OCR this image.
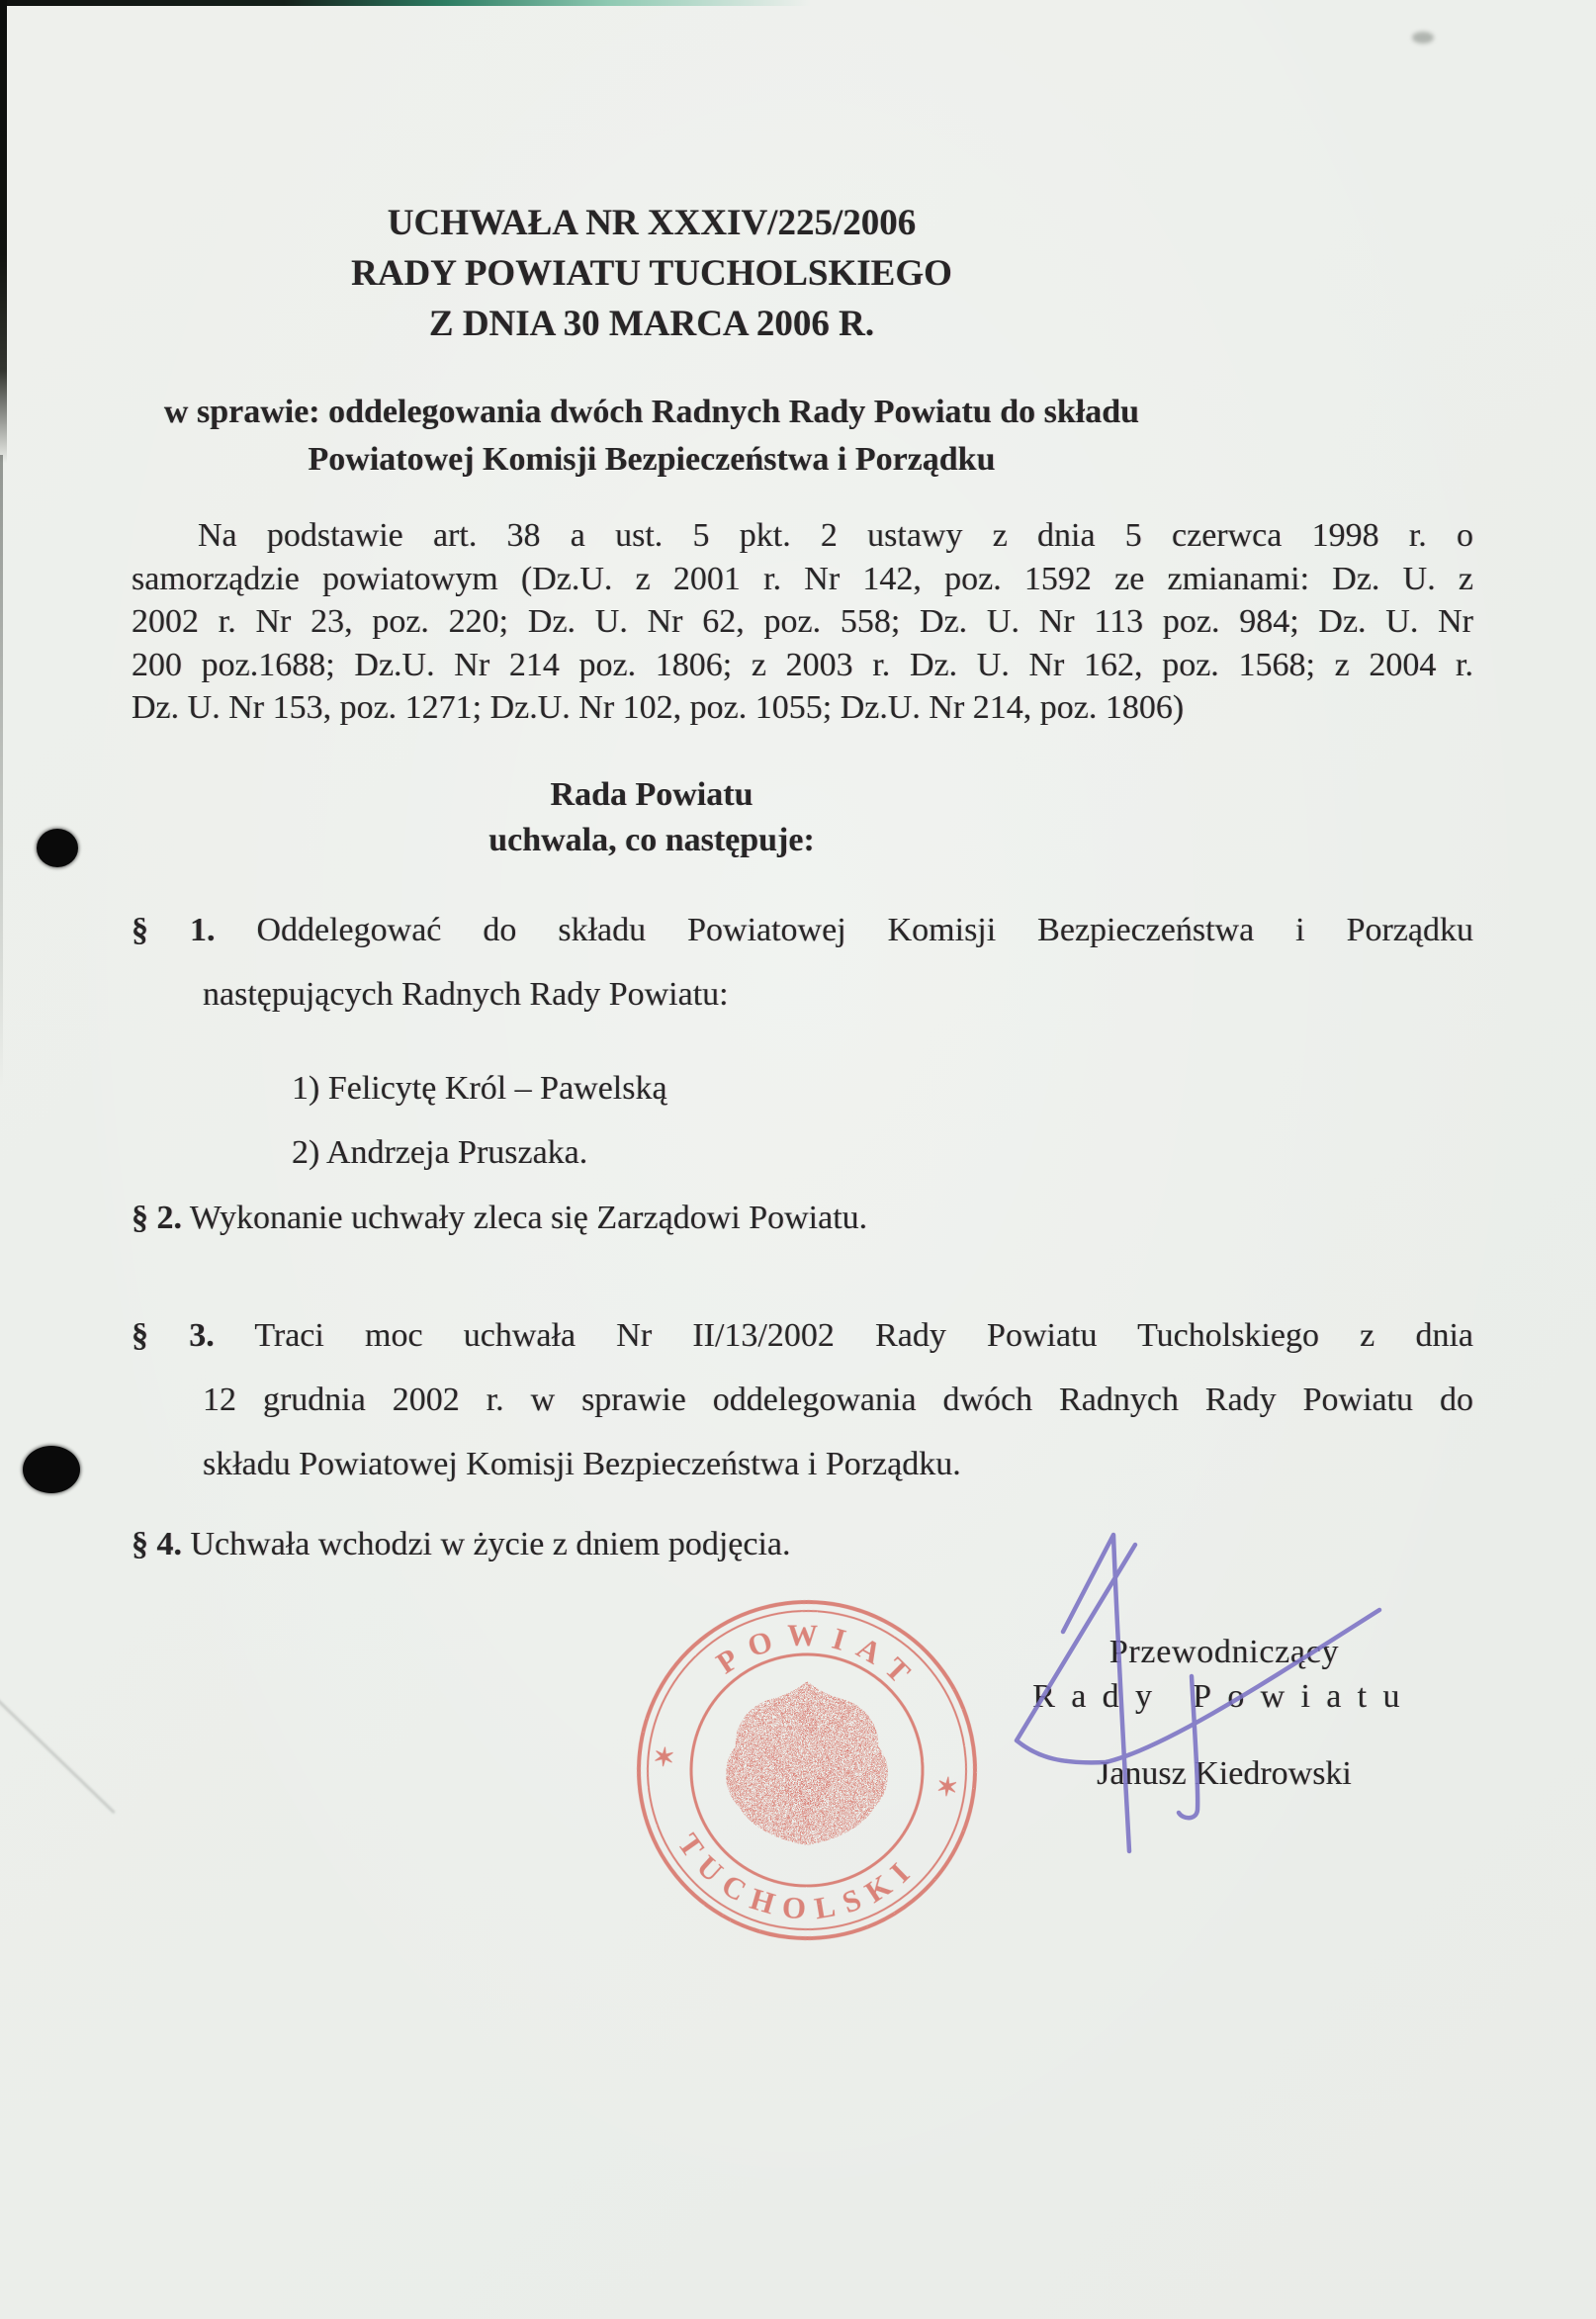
UCHWAŁA NR XXXIV/225/2006
RADY POWIATU TUCHOLSKIEGO
Z DNIA 30 MARCA 2006 R.
w sprawie: oddelegowania dwóch Radnych Rady Powiatu do składu
Powiatowej Komisji Bezpieczeństwa i Porządku
Na podstawie art. 38 a ust. 5 pkt. 2 ustawy z dnia 5 czerwca 1998 r. o
samorządzie powiatowym (Dz.U. z 2001 r. Nr 142, poz. 1592 ze zmianami: Dz. U. z
2002 r. Nr 23, poz. 220; Dz. U. Nr 62, poz. 558; Dz. U. Nr 113 poz. 984; Dz. U. Nr
200 poz.1688; Dz.U. Nr 214 poz. 1806; z 2003 r. Dz. U. Nr 162, poz. 1568; z 2004 r.
Dz. U. Nr 153, poz. 1271; Dz.U. Nr 102, poz. 1055; Dz.U. Nr 214, poz. 1806)
Rada Powiatu
uchwala, co następuje:
§ 1. Oddelegować do składu Powiatowej Komisji Bezpieczeństwa i Porządku
następujących Radnych Rady Powiatu:
1) Felicytę Król – Pawelską
2) Andrzeja Pruszaka.
§ 2. Wykonanie uchwały zleca się Zarządowi Powiatu.
§ 3. Traci moc uchwała Nr II/13/2002 Rady Powiatu Tucholskiego z dnia
12 grudnia 2002 r. w sprawie oddelegowania dwóch Radnych Rady Powiatu do
składu Powiatowej Komisji Bezpieczeństwa i Porządku.
§ 4. Uchwała wchodzi w życie z dniem podjęcia.
Przewodniczący
Rady Powiatu
Janusz Kiedrowski
POWIAT
TUCHOLSKI
✶
✶
